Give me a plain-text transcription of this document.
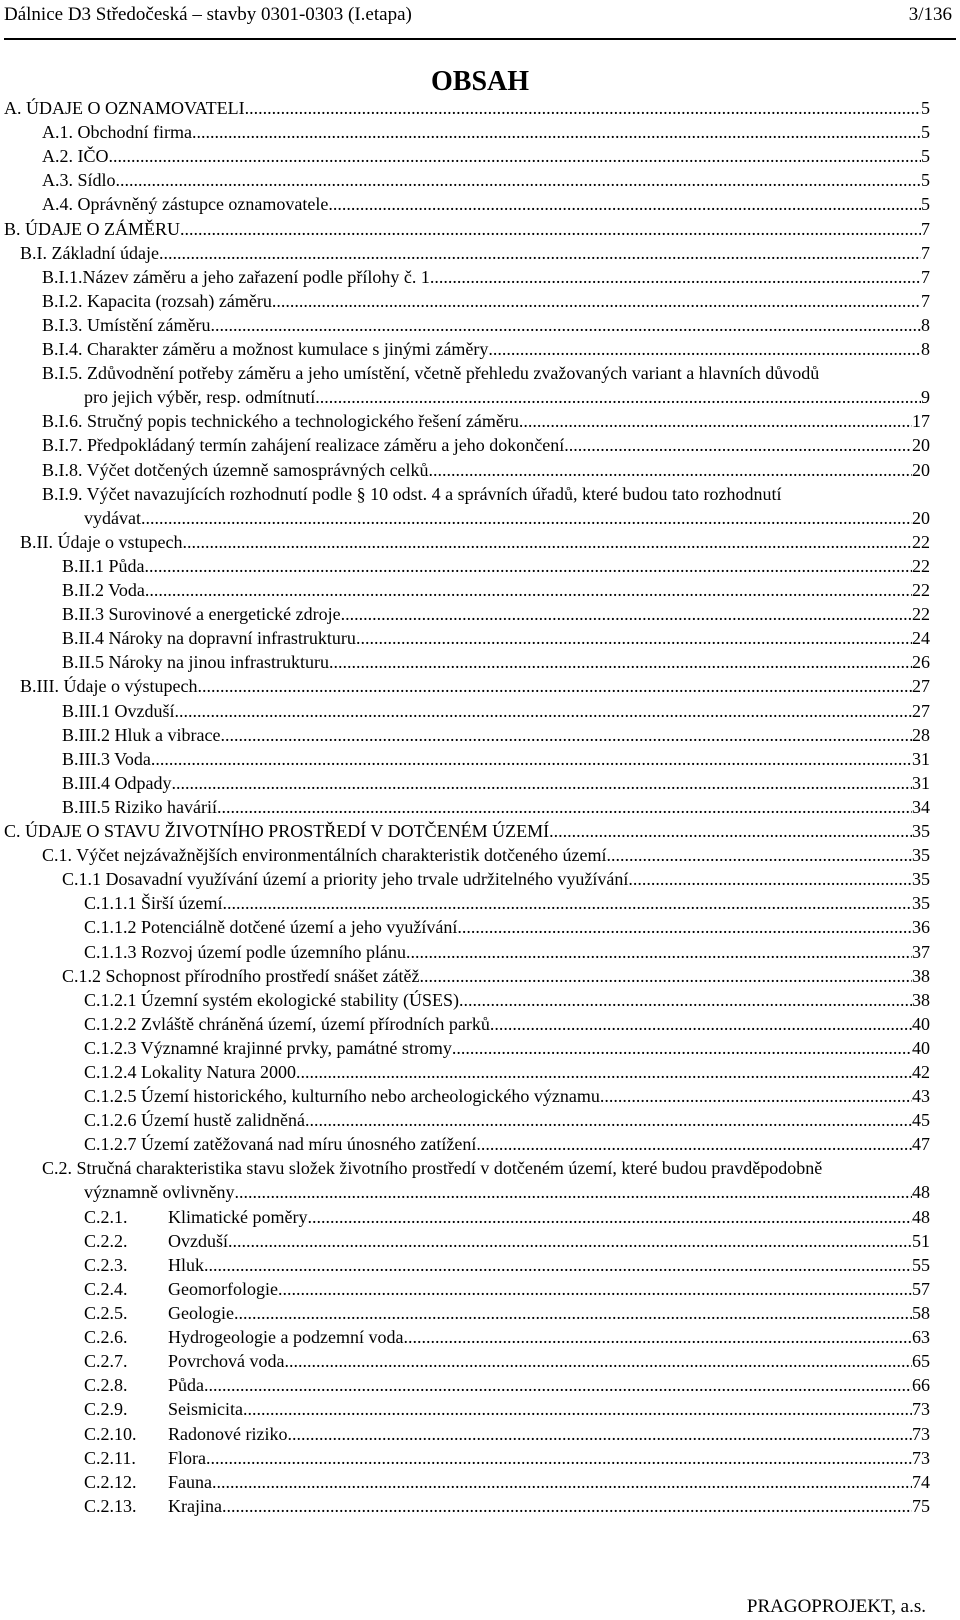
Dálnice D3 Středočeská – stavby 0301-0303 (I.etapa)	3/136
OBSAH
A. ÚDAJE O OZNAMOVATELI .....	5
A.1. Obchodní firma .....	5
A.2. IČO .....	5
A.3. Sídlo .....	5
A.4. Oprávněný zástupce oznamovatele .....	5
B. ÚDAJE O ZÁMĚRU .....	7
B.I. Základní údaje .....	7
B.I.1.Název záměru a jeho zařazení podle přílohy č. 1 .....	7
B.I.2. Kapacita (rozsah) záměru .....	7
B.I.3. Umístění záměru .....	8
B.I.4. Charakter záměru a možnost kumulace s jinými záměry .....	8
B.I.5. Zdůvodnění potřeby záměru a jeho umístění, včetně přehledu zvažovaných variant a hlavních důvodů
pro jejich výběr, resp. odmítnutí .....	9
B.I.6. Stručný popis technického a technologického řešení záměru .....	17
B.I.7. Předpokládaný termín zahájení realizace záměru a jeho dokončení .....	20
B.I.8. Výčet dotčených územně samosprávných celků .....	20
B.I.9. Výčet navazujících rozhodnutí podle § 10 odst. 4 a správních úřadů, které budou tato rozhodnutí
vydávat .....	20
B.II. Údaje o vstupech .....	22
B.II.1 Půda .....	22
B.II.2 Voda .....	22
B.II.3 Surovinové a energetické zdroje .....	22
B.II.4 Nároky na dopravní infrastrukturu .....	24
B.II.5 Nároky na jinou infrastrukturu .....	26
B.III. Údaje o výstupech .....	27
B.III.1 Ovzduší .....	27
B.III.2 Hluk a vibrace .....	28
B.III.3 Voda .....	31
B.III.4 Odpady .....	31
B.III.5 Riziko havárií .....	34
C. ÚDAJE O STAVU ŽIVOTNÍHO PROSTŘEDÍ V DOTČENÉM ÚZEMÍ .....	35
C.1. Výčet nejzávažnějších environmentálních charakteristik dotčeného území .....	35
C.1.1 Dosavadní využívání území a priority jeho trvale udržitelného využívání .....	35
C.1.1.1 Širší území .....	35
C.1.1.2 Potenciálně dotčené území a jeho využívání .....	36
C.1.1.3 Rozvoj území podle územního plánu .....	37
C.1.2 Schopnost přírodního prostředí snášet zátěž .....	38
C.1.2.1 Územní systém ekologické stability (ÚSES) .....	38
C.1.2.2 Zvláště chráněná území, území přírodních parků .....	40
C.1.2.3 Významné krajinné prvky, památné stromy .....	40
C.1.2.4 Lokality Natura 2000 .....	42
C.1.2.5 Území historického, kulturního nebo archeologického významu .....	43
C.1.2.6 Území hustě zalidněná .....	45
C.1.2.7 Území zatěžovaná nad míru únosného zatížení .....	47
C.2. Stručná charakteristika stavu složek životního prostředí v dotčeném území, které budou pravděpodobně
významně ovlivněny .....	48
C.2.1.	Klimatické poměry .....	48
C.2.2.	Ovzduší .....	51
C.2.3.	Hluk .....	55
C.2.4.	Geomorfologie .....	57
C.2.5.	Geologie .....	58
C.2.6.	Hydrogeologie a podzemní voda .....	63
C.2.7.	Povrchová voda .....	65
C.2.8.	Půda .....	66
C.2.9.	Seismicita .....	73
C.2.10.	Radonové riziko .....	73
C.2.11.	Flora .....	73
C.2.12.	Fauna .....	74
C.2.13.	Krajina .....	75
PRAGOPROJEKT, a.s.
